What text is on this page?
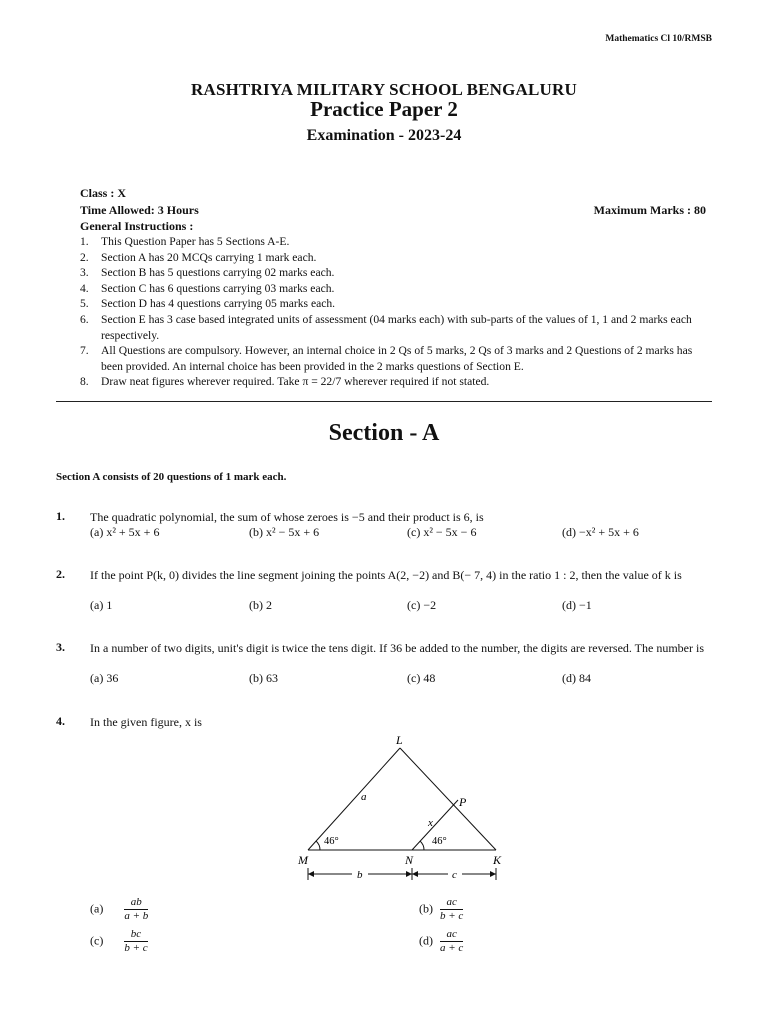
Mathematics Cl 10/RMSB
RASHTRIYA MILITARY SCHOOL BENGALURU
Practice Paper 2
Examination - 2023-24
Class : X
Time Allowed: 3 Hours	Maximum Marks : 80
General Instructions :
1. This Question Paper has 5 Sections A-E.
2. Section A has 20 MCQs carrying 1 mark each.
3. Section B has 5 questions carrying 02 marks each.
4. Section C has 6 questions carrying 03 marks each.
5. Section D has 4 questions carrying 05 marks each.
6. Section E has 3 case based integrated units of assessment (04 marks each) with sub-parts of the values of 1, 1 and 2 marks each respectively.
7. All Questions are compulsory. However, an internal choice in 2 Qs of 5 marks, 2 Qs of 3 marks and 2 Questions of 2 marks has been provided. An internal choice has been provided in the 2 marks questions of Section E.
8. Draw neat figures wherever required. Take π = 22/7 wherever required if not stated.
Section - A
Section A consists of 20 questions of 1 mark each.
1. The quadratic polynomial, the sum of whose zeroes is −5 and their product is 6, is
(a) x² + 5x + 6	(b) x² − 5x + 6	(c) x² − 5x − 6	(d) −x² + 5x + 6
2. If the point P(k, 0) divides the line segment joining the points A(2, −2) and B(− 7, 4) in the ratio 1 : 2, then the value of k is
(a) 1	(b) 2	(c) −2	(d) −1
3. In a number of two digits, unit's digit is twice the tens digit. If 36 be added to the number, the digits are reversed. The number is
(a) 36	(b) 63	(c) 48	(d) 84
4. In the given figure, x is
L
P
M	N	K
a
x
46°	46°
b	c
$(a) \frac{ab}{a + b}$	$(b) \frac{ac}{b + c}$
$(c) \frac{bc}{b + c}$	$(d) \frac{ac}{a + c}$
